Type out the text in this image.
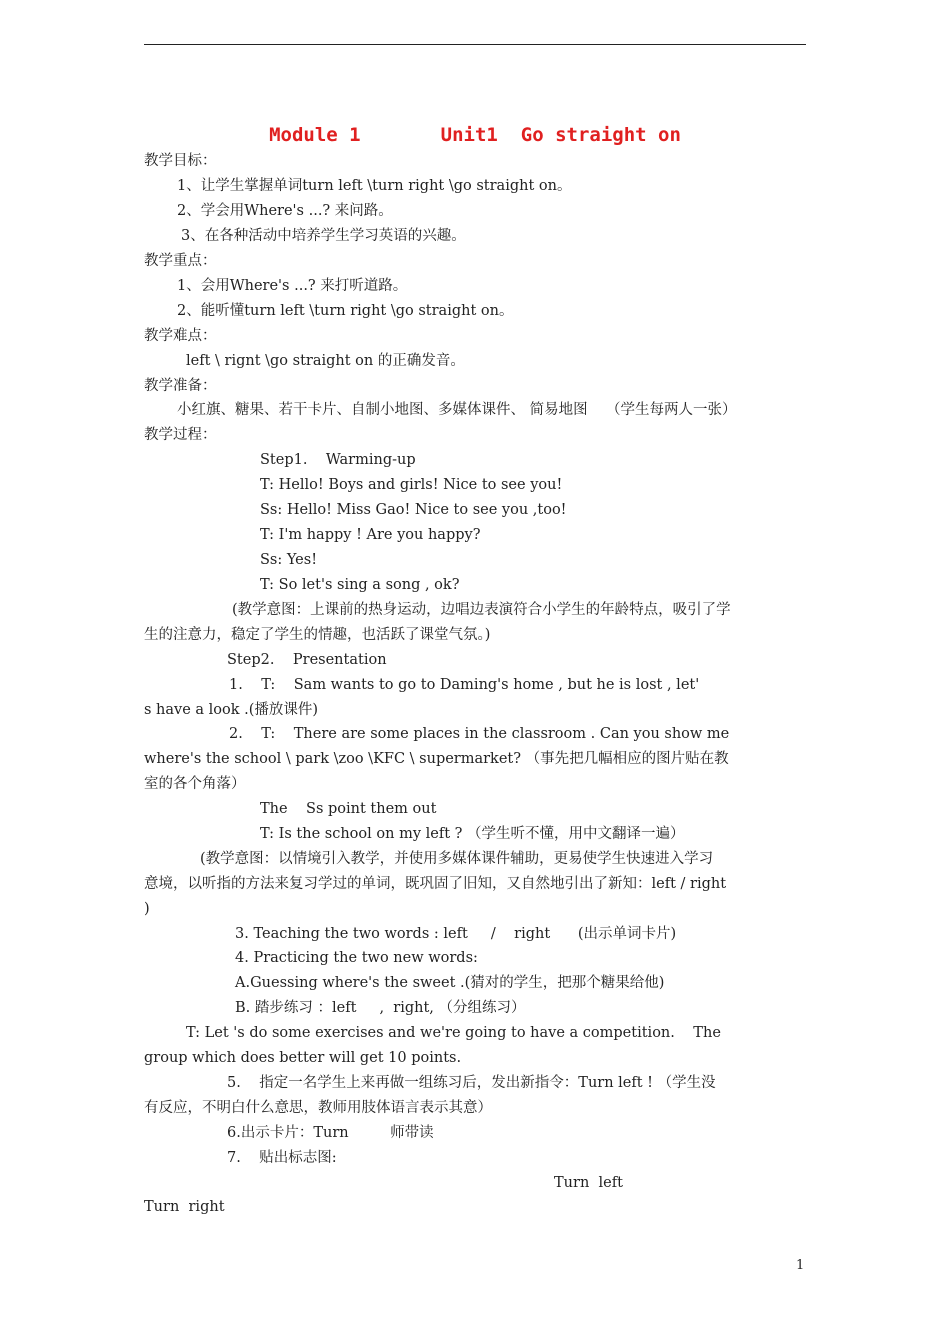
Module 1       Unit1  Go straight on
教学目标：
1、让学生掌握单词turn left \turn right \go straight on。
2、学会用Where's ...? 来问路。
3、在各种活动中培养学生学习英语的兴趣。
教学重点：
1、会用Where's ...? 来打听道路。
2、能听懂turn left \turn right \go straight on。
教学难点：
left \ rignt \go straight on 的正确发音。
教学准备：
小红旗、糖果、若干卡片、自制小地图、多媒体课件、 简易地图    （学生每两人一张）
教学过程：
Step1.    Warming-up
T: Hello! Boys and girls! Nice to see you!
Ss: Hello! Miss Gao! Nice to see you ,too!
T: I'm happy ! Are you happy?
Ss: Yes!
T: So let's sing a song , ok?
(教学意图：上课前的热身运动，边唱边表演符合小学生的年龄特点，吸引了学
生的注意力，稳定了学生的情趣，也活跃了课堂气氛。)
Step2.    Presentation
1.    T:    Sam wants to go to Daming's home , but he is lost , let'
s have a look .(播放课件)
2.    T:    There are some places in the classroom . Can you show me
where's the school \ park \zoo \KFC \ supermarket? （事先把几幅相应的图片贴在教
室的各个角落）
The    Ss point them out
T: Is the school on my left ? （学生听不懂，用中文翻译一遍）
(教学意图：以情境引入教学，并使用多媒体课件辅助，更易使学生快速进入学习
意境，以听指的方法来复习学过的单词，既巩固了旧知，又自然地引出了新知：left / right
)
3. Teaching the two words : left     /    right      (出示单词卡片)
4. Practicing the two new words:
A.Guessing where's the sweet .(猜对的学生，把那个糖果给他)
B. 踏步练习 ：left     ,  right, （分组练习）
T: Let 's do some exercises and we're going to have a competition.    The
group which does better will get 10 points.
5.    指定一名学生上来再做一组练习后，发出新指令：Turn left ! （学生没
有反应，不明白什么意思，教师用肢体语言表示其意）
6.出示卡片：Turn         师带读
7.    贴出标志图:
Turn  left
Turn  right
1
